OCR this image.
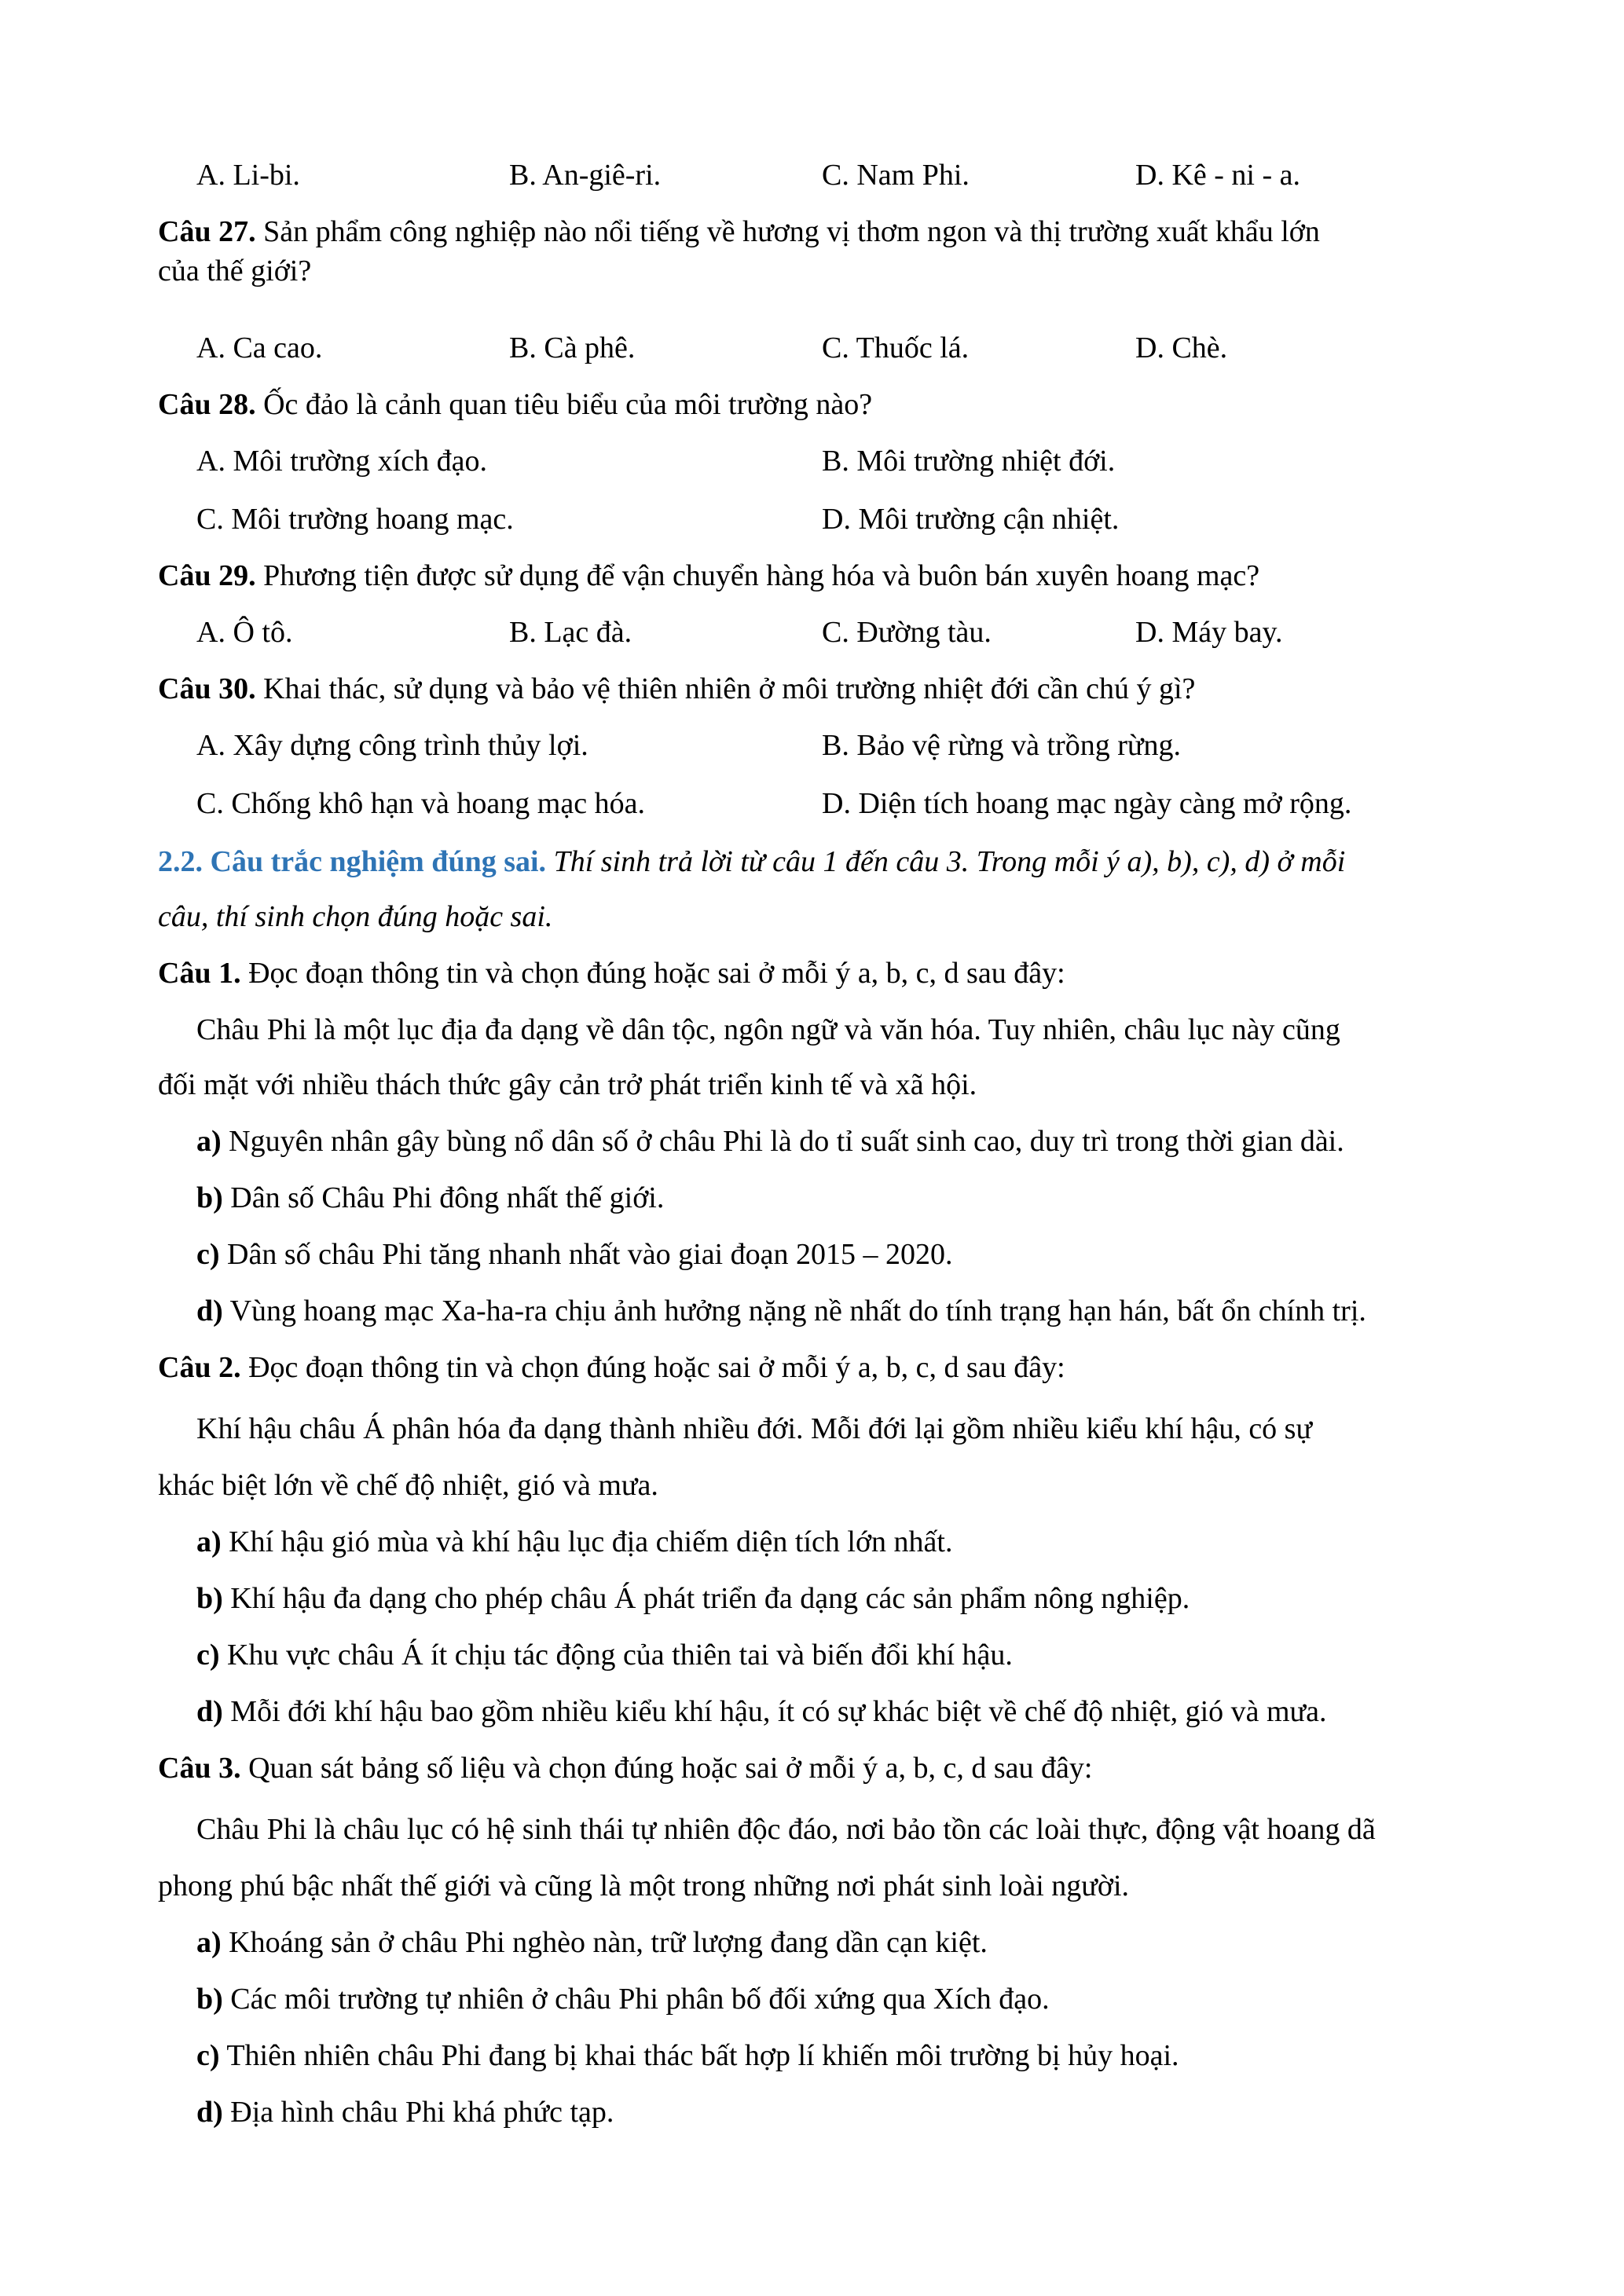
A. Li-bi.	B. An-giê-ri.	C. Nam Phi.	D. Kê - ni - a.
Câu 27. Sản phẩm công nghiệp nào nổi tiếng về hương vị thơm ngon và thị trường xuất khẩu lớn
của thế giới?
A. Ca cao.	B. Cà phê.	C. Thuốc lá.	D. Chè.
Câu 28. Ốc đảo là cảnh quan tiêu biểu của môi trường nào?
A. Môi trường xích đạo.	B. Môi trường nhiệt đới.
C. Môi trường hoang mạc.	D. Môi trường cận nhiệt.
Câu 29. Phương tiện được sử dụng để vận chuyển hàng hóa và buôn bán xuyên hoang mạc?
A. Ô tô.	B. Lạc đà.	C. Đường tàu.	D. Máy bay.
Câu 30. Khai thác, sử dụng và bảo vệ thiên nhiên ở môi trường nhiệt đới cần chú ý gì?
A. Xây dựng công trình thủy lợi.	B. Bảo vệ rừng và trồng rừng.
C. Chống khô hạn và hoang mạc hóa.	D. Diện tích hoang mạc ngày càng mở rộng.
2.2. Câu trắc nghiệm đúng sai. Thí sinh trả lời từ câu 1 đến câu 3. Trong mỗi ý a), b), c), d) ở mỗi
câu, thí sinh chọn đúng hoặc sai.
Câu 1. Đọc đoạn thông tin và chọn đúng hoặc sai ở mỗi ý a, b, c, d sau đây:
Châu Phi là một lục địa đa dạng về dân tộc, ngôn ngữ và văn hóa. Tuy nhiên, châu lục này cũng
đối mặt với nhiều thách thức gây cản trở phát triển kinh tế và xã hội.
a) Nguyên nhân gây bùng nổ dân số ở châu Phi là do tỉ suất sinh cao, duy trì trong thời gian dài.
b) Dân số Châu Phi đông nhất thế giới.
c) Dân số châu Phi tăng nhanh nhất vào giai đoạn 2015 – 2020.
d) Vùng hoang mạc Xa-ha-ra chịu ảnh hưởng nặng nề nhất do tính trạng hạn hán, bất ổn chính trị.
Câu 2. Đọc đoạn thông tin và chọn đúng hoặc sai ở mỗi ý a, b, c, d sau đây:
Khí hậu châu Á phân hóa đa dạng thành nhiều đới. Mỗi đới lại gồm nhiều kiểu khí hậu, có sự
khác biệt lớn về chế độ nhiệt, gió và mưa.
a) Khí hậu gió mùa và khí hậu lục địa chiếm diện tích lớn nhất.
b) Khí hậu đa dạng cho phép châu Á phát triển đa dạng các sản phẩm nông nghiệp.
c) Khu vực châu Á ít chịu tác động của thiên tai và biến đổi khí hậu.
d) Mỗi đới khí hậu bao gồm nhiều kiểu khí hậu, ít có sự khác biệt về chế độ nhiệt, gió và mưa.
Câu 3. Quan sát bảng số liệu và chọn đúng hoặc sai ở mỗi ý a, b, c, d sau đây:
Châu Phi là châu lục có hệ sinh thái tự nhiên độc đáo, nơi bảo tồn các loài thực, động vật hoang dã
phong phú bậc nhất thế giới và cũng là một trong những nơi phát sinh loài người.
a) Khoáng sản ở châu Phi nghèo nàn, trữ lượng đang dần cạn kiệt.
b) Các môi trường tự nhiên ở châu Phi phân bố đối xứng qua Xích đạo.
c) Thiên nhiên châu Phi đang bị khai thác bất hợp lí khiến môi trường bị hủy hoại.
d) Địa hình châu Phi khá phức tạp.
